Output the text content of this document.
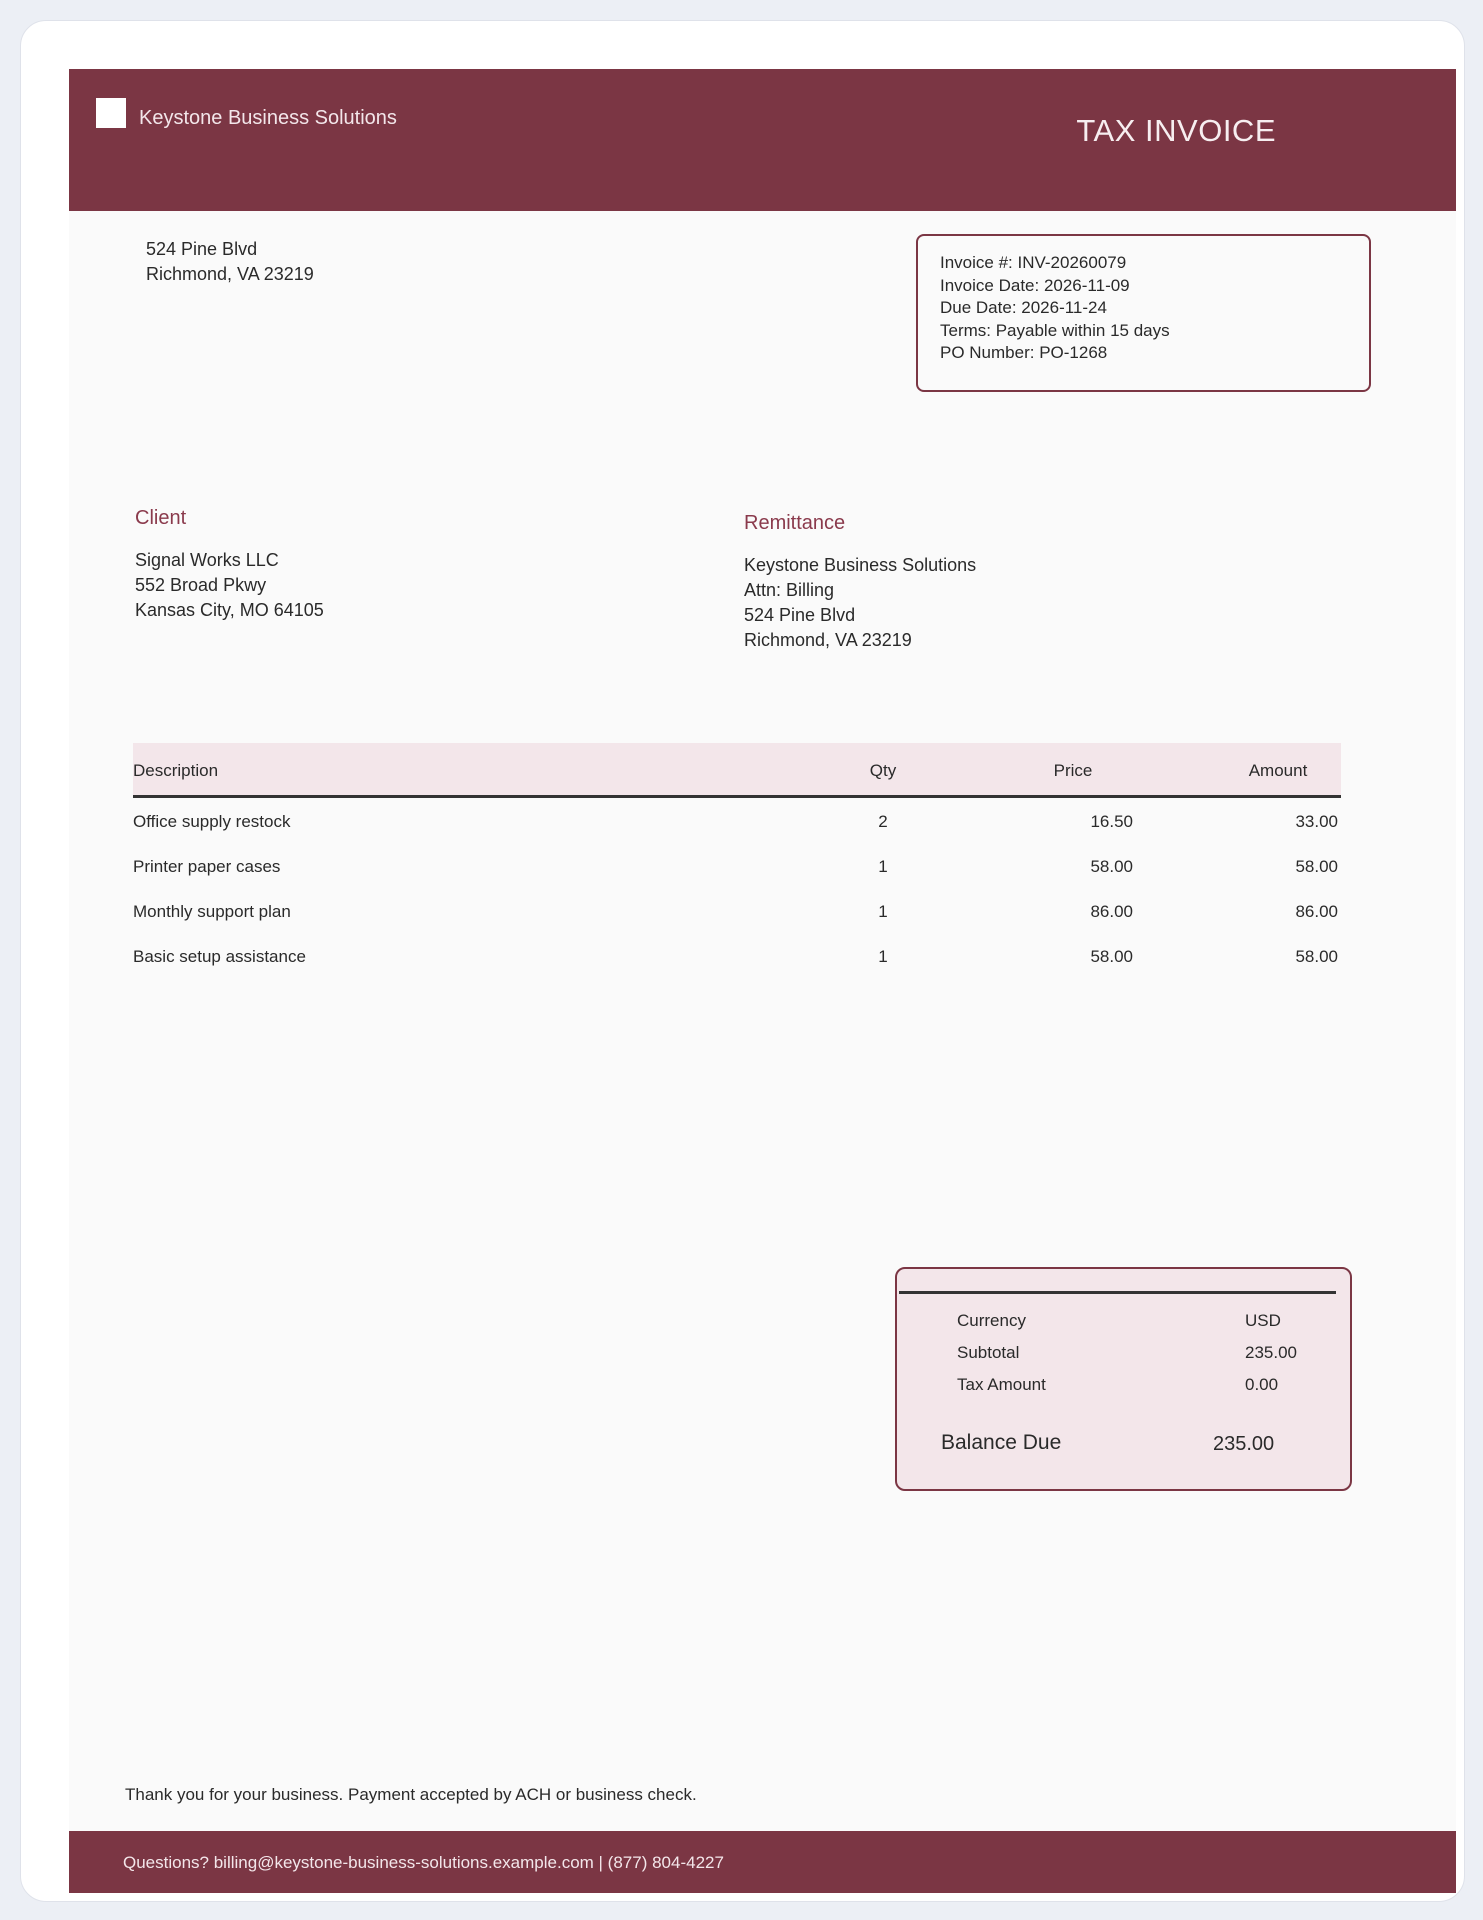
Keystone Business Solutions	TAX INVOICE
524 Pine Blvd
Richmond, VA 23219
Invoice #: INV-20260079
Invoice Date: 2026-11-09
Due Date: 2026-11-24
Terms: Payable within 15 days
PO Number: PO-1268
Client
Signal Works LLC
552 Broad Pkwy
Kansas City, MO 64105
Remittance
Keystone Business Solutions
Attn: Billing
524 Pine Blvd
Richmond, VA 23219
Description	Qty	Price	Amount
Office supply restock	2	16.50	33.00
Printer paper cases	1	58.00	58.00
Monthly support plan	1	86.00	86.00
Basic setup assistance	1	58.00	58.00
Currency	USD
Subtotal	235.00
Tax Amount	0.00
Balance Due	235.00
Thank you for your business. Payment accepted by ACH or business check.
Questions? billing@keystone-business-solutions.example.com | (877) 804-4227
